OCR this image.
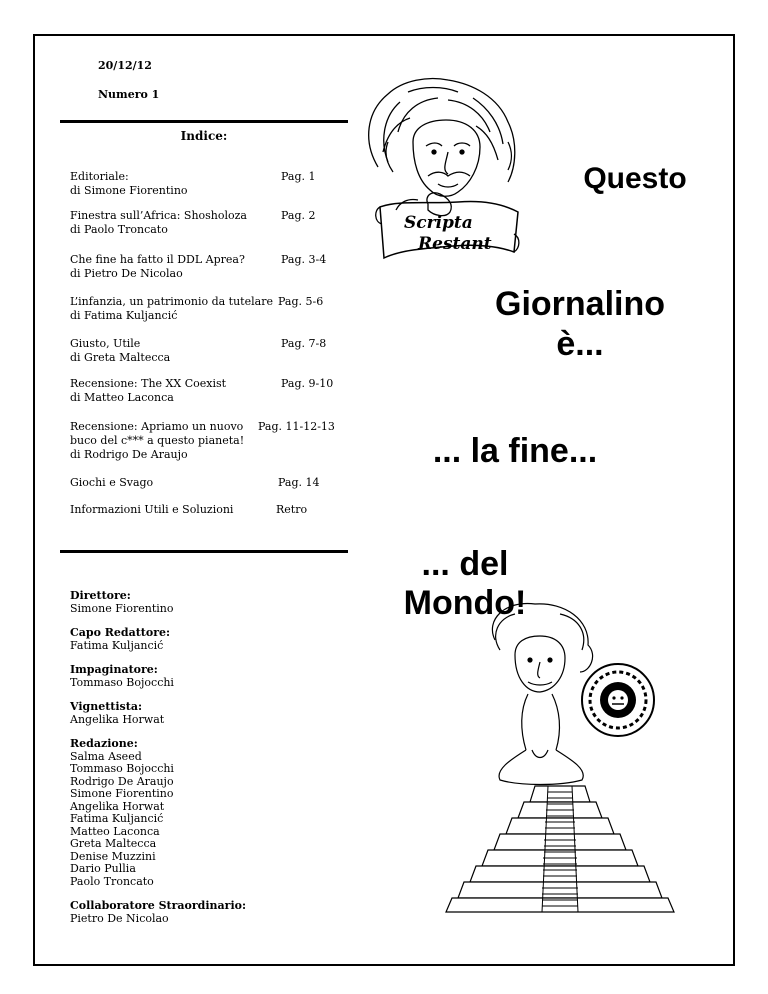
20/12/12
Numero 1
Indice:
Editoriale:
di Simone Fiorentino
Pag. 1
Finestra sull’Africa: Shosholoza
di Paolo Troncato
Pag. 2
Che fine ha fatto il DDL Aprea?
di Pietro De Nicolao
Pag. 3-4
L’infanzia, un patrimonio da tutelare
di Fatima Kuljancić
Pag. 5-6
Giusto, Utile
di Greta Maltecca
Pag. 7-8
Recensione: The XX Coexist
di Matteo Laconca
Pag. 9-10
Recensione: Apriamo un nuovo
buco del c*** a questo pianeta!
di Rodrigo De Araujo
Pag. 11-12-13
Giochi e Svago	Pag. 14
Informazioni Utili e Soluzioni	Retro
Direttore:
Simone Fiorentino
Capo Redattore:
Fatima Kuljancić
Impaginatore:
Tommaso Bojocchi
Vignettista:
Angelika Horwat
Redazione:
Salma Aseed
Tommaso Bojocchi
Rodrigo De Araujo
Simone Fiorentino
Angelika Horwat
Fatima Kuljancić
Matteo Laconca
Greta Maltecca
Denise Muzzini
Dario Pullia
Paolo Troncato
Collaboratore Straordinario:
Pietro De Nicolao
Questo
Giornalino
è...
... la fine...
... del Mondo!
Scripta
Restant
